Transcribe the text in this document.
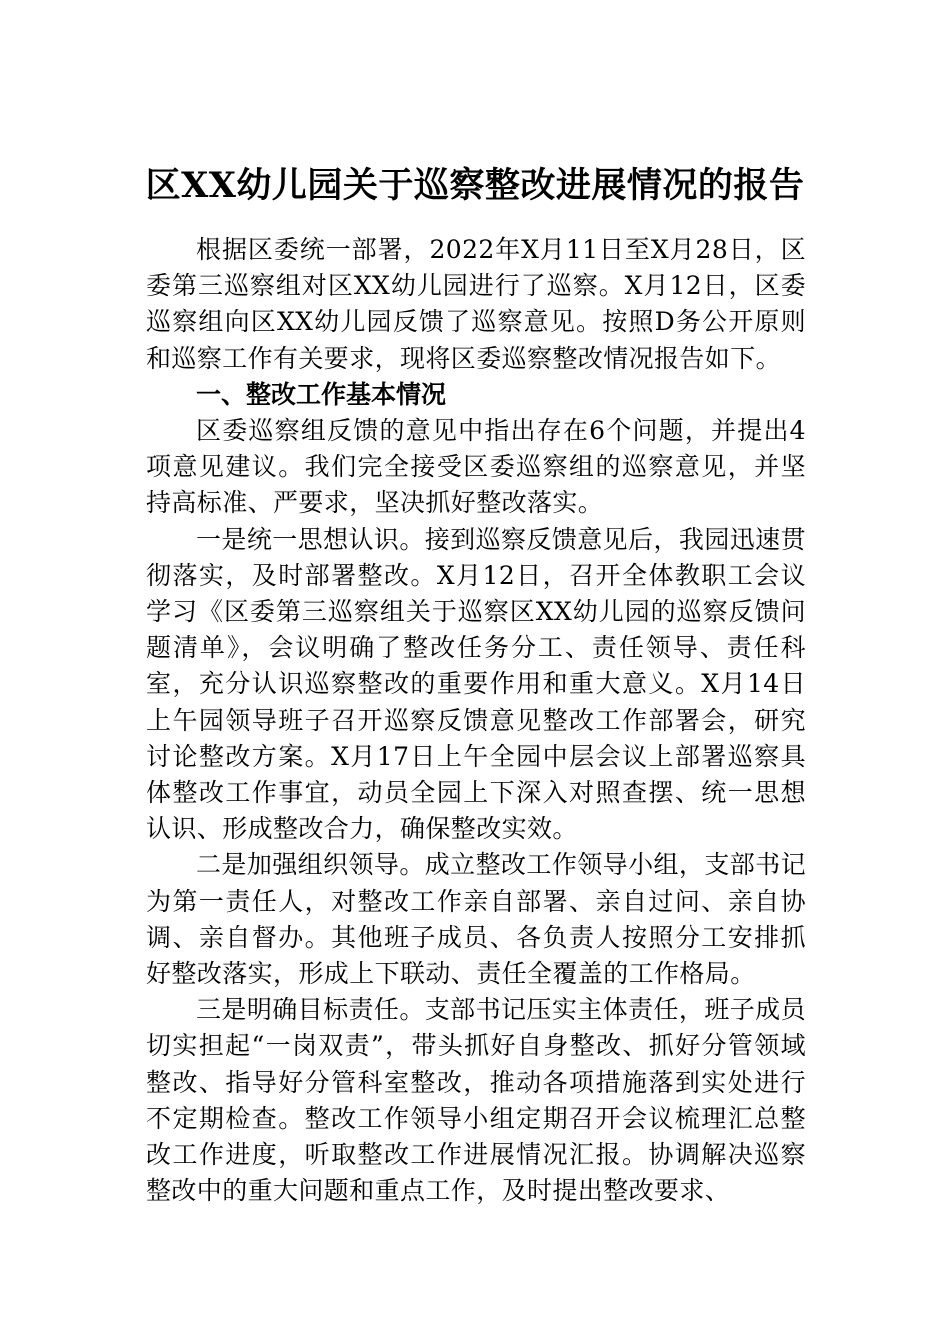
区XX幼儿园关于巡察整改进展情况的报告

根据区委统一部署，2022年X月11日至X月28日，区委第三巡察组对区XX幼儿园进行了巡察。X月12日，区委巡察组向区XX幼儿园反馈了巡察意见。按照D务公开原则和巡察工作有关要求，现将区委巡察整改情况报告如下。

一、整改工作基本情况

区委巡察组反馈的意见中指出存在6个问题，并提出4项意见建议。我们完全接受区委巡察组的巡察意见，并坚持高标准、严要求，坚决抓好整改落实。

一是统一思想认识。接到巡察反馈意见后，我园迅速贯彻落实，及时部署整改。X月12日，召开全体教职工会议学习《区委第三巡察组关于巡察区XX幼儿园的巡察反馈问题清单》，会议明确了整改任务分工、责任领导、责任科室，充分认识巡察整改的重要作用和重大意义。X月14日上午园领导班子召开巡察反馈意见整改工作部署会，研究讨论整改方案。X月17日上午全园中层会议上部署巡察具体整改工作事宜，动员全园上下深入对照查摆、统一思想认识、形成整改合力，确保整改实效。

二是加强组织领导。成立整改工作领导小组，支部书记为第一责任人，对整改工作亲自部署、亲自过问、亲自协调、亲自督办。其他班子成员、各负责人按照分工安排抓好整改落实，形成上下联动、责任全覆盖的工作格局。

三是明确目标责任。支部书记压实主体责任，班子成员切实担起“一岗双责”，带头抓好自身整改、抓好分管领域整改、指导好分管科室整改，推动各项措施落到实处进行不定期检查。整改工作领导小组定期召开会议梳理汇总整改工作进度，听取整改工作进展情况汇报。协调解决巡察整改中的重大问题和重点工作，及时提出整改要求、
